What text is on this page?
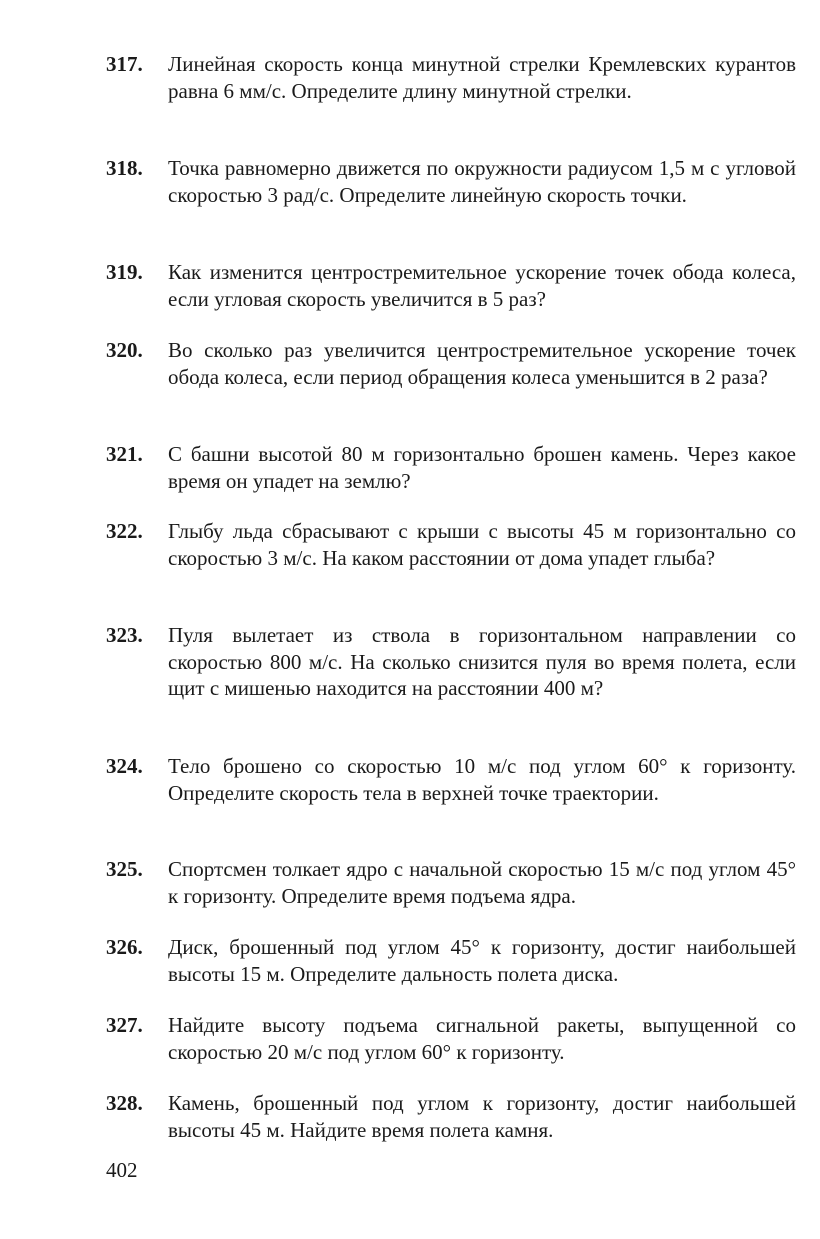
317. Линейная скорость конца минутной стрелки Кремлевских курантов равна 6 мм/с. Определите длину минутной стрелки.
318. Точка равномерно движется по окружности радиусом 1,5 м с угловой скоростью 3 рад/с. Определите линейную скорость точки.
319. Как изменится центростремительное ускорение точек обода колеса, если угловая скорость увеличится в 5 раз?
320. Во сколько раз увеличится центростремительное ускорение точек обода колеса, если период обращения колеса уменьшится в 2 раза?
321. С башни высотой 80 м горизонтально брошен камень. Через какое время он упадет на землю?
322. Глыбу льда сбрасывают с крыши с высоты 45 м горизонтально со скоростью 3 м/с. На каком расстоянии от дома упадет глыба?
323. Пуля вылетает из ствола в горизонтальном направлении со скоростью 800 м/с. На сколько снизится пуля во время полета, если щит с мишенью находится на расстоянии 400 м?
324. Тело брошено со скоростью 10 м/с под углом 60° к горизонту. Определите скорость тела в верхней точке траектории.
325. Спортсмен толкает ядро с начальной скоростью 15 м/с под углом 45° к горизонту. Определите время подъема ядра.
326. Диск, брошенный под углом 45° к горизонту, достиг наибольшей высоты 15 м. Определите дальность полета диска.
327. Найдите высоту подъема сигнальной ракеты, выпущенной со скоростью 20 м/с под углом 60° к горизонту.
328. Камень, брошенный под углом к горизонту, достиг наибольшей высоты 45 м. Найдите время полета камня.
402
